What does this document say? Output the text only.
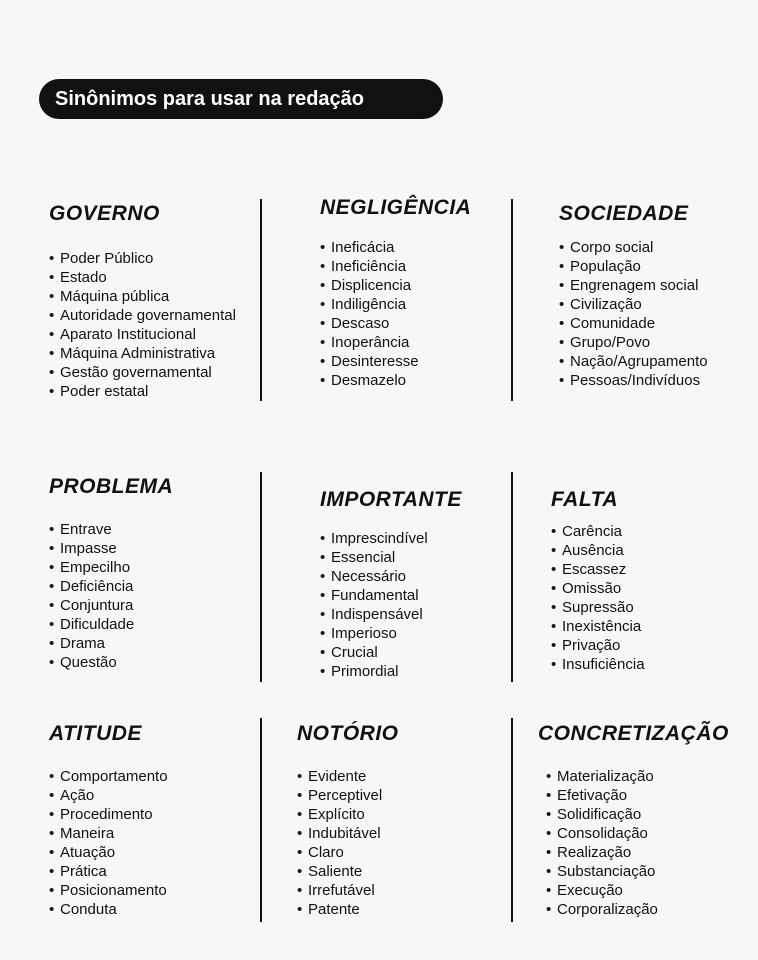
Sinônimos para usar na redação
GOVERNO
• Poder Público
• Estado
• Máquina pública
• Autoridade governamental
• Aparato Institucional
• Máquina Administrativa
• Gestão governamental
• Poder estatal
NEGLIGÊNCIA
• Ineficácia
• Ineficiência
• Displicencia
• Indiligência
• Descaso
• Inoperância
• Desinteresse
• Desmazelo
SOCIEDADE
• Corpo social
• População
• Engrenagem social
• Civilização
• Comunidade
• Grupo/Povo
• Nação/Agrupamento
• Pessoas/Indivíduos
PROBLEMA
• Entrave
• Impasse
• Empecilho
• Deficiência
• Conjuntura
• Dificuldade
• Drama
• Questão
IMPORTANTE
• Imprescindível
• Essencial
• Necessário
• Fundamental
• Indispensável
• Imperioso
• Crucial
• Primordial
FALTA
• Carência
• Ausência
• Escassez
• Omissão
• Supressão
• Inexistência
• Privação
• Insuficiência
ATITUDE
• Comportamento
• Ação
• Procedimento
• Maneira
• Atuação
• Prática
• Posicionamento
• Conduta
NOTÓRIO
• Evidente
• Perceptivel
• Explícito
• Indubitável
• Claro
• Saliente
• Irrefutável
• Patente
CONCRETIZAÇÃO
• Materialização
• Efetivação
• Solidificação
• Consolidação
• Realização
• Substanciação
• Execução
• Corporalização
